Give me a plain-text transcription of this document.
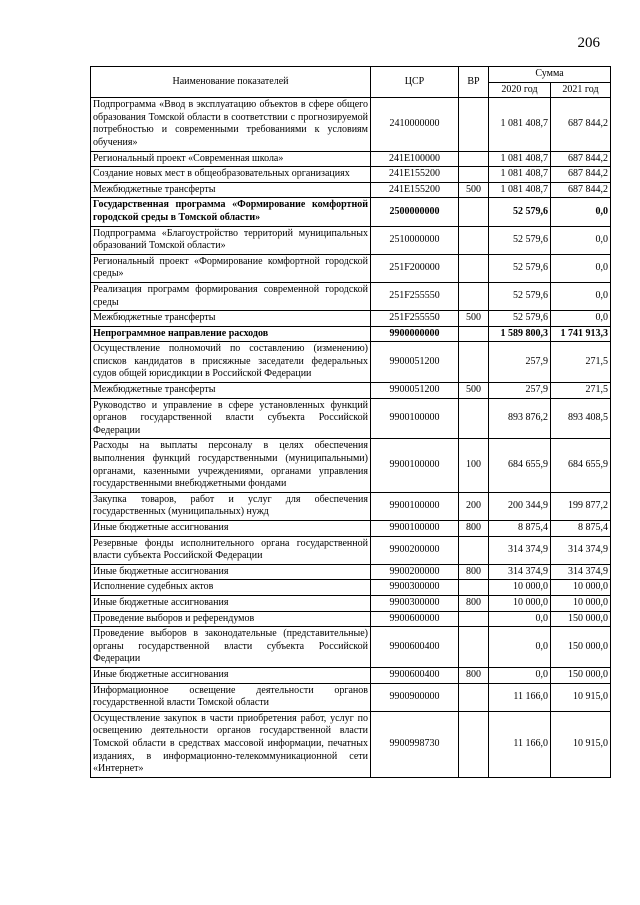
206
Наименование показателей	ЦСР	ВР	Сумма	
			2020 год	2021 год
Подпрограмма «Ввод в эксплуатацию объектов в сфере общего образования Томской области в соответствии с прогнозируемой потребностью и современными требованиями к условиям обучения»	2410000000		1 081 408,7	687 844,2
Региональный проект «Современная школа»	241E100000		1 081 408,7	687 844,2
Создание новых мест в общеобразовательных организациях	241E155200		1 081 408,7	687 844,2
Межбюджетные трансферты	241E155200	500	1 081 408,7	687 844,2
Государственная программа «Формирование комфортной городской среды в Томской области»	2500000000		52 579,6	0,0
Подпрограмма «Благоустройство территорий муниципальных образований Томской области»	2510000000		52 579,6	0,0
Региональный проект «Формирование комфортной городской среды»	251F200000		52 579,6	0,0
Реализация программ формирования современной городской среды	251F255550		52 579,6	0,0
Межбюджетные трансферты	251F255550	500	52 579,6	0,0
Непрограммное направление расходов	9900000000		1 589 800,3	1 741 913,3
Осуществление полномочий по составлению (изменению) списков кандидатов в присяжные заседатели федеральных судов общей юрисдикции в Российской Федерации	9900051200		257,9	271,5
Межбюджетные трансферты	9900051200	500	257,9	271,5
Руководство и управление в сфере установленных функций органов государственной власти субъекта Российской Федерации	9900100000		893 876,2	893 408,5
Расходы на выплаты персоналу в целях обеспечения выполнения функций государственными (муниципальными) органами, казенными учреждениями, органами управления государственными внебюджетными фондами	9900100000	100	684 655,9	684 655,9
Закупка товаров, работ и услуг для обеспечения государственных (муниципальных) нужд	9900100000	200	200 344,9	199 877,2
Иные бюджетные ассигнования	9900100000	800	8 875,4	8 875,4
Резервные фонды исполнительного органа государственной власти субъекта Российской Федерации	9900200000		314 374,9	314 374,9
Иные бюджетные ассигнования	9900200000	800	314 374,9	314 374,9
Исполнение судебных актов	9900300000		10 000,0	10 000,0
Иные бюджетные ассигнования	9900300000	800	10 000,0	10 000,0
Проведение выборов и референдумов	9900600000		0,0	150 000,0
Проведение выборов в законодательные (представительные) органы государственной власти субъекта Российской Федерации	9900600400		0,0	150 000,0
Иные бюджетные ассигнования	9900600400	800	0,0	150 000,0
Информационное освещение деятельности органов государственной власти Томской области	9900900000		11 166,0	10 915,0
Осуществление закупок в части приобретения работ, услуг по освещению деятельности органов государственной власти Томской области в средствах массовой информации, печатных изданиях, в информационно-телекоммуникационной сети «Интернет»	9900998730		11 166,0	10 915,0
